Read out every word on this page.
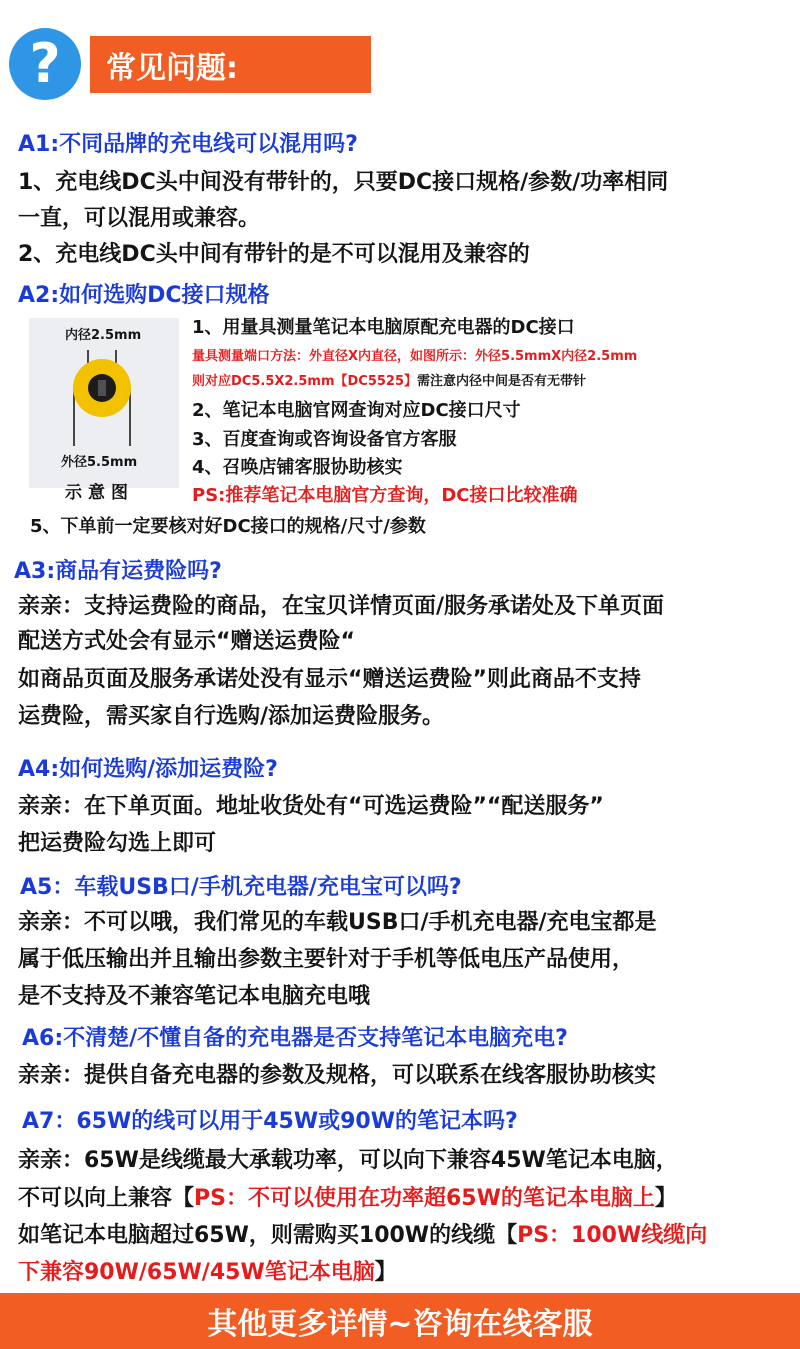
?	常见问题:
A1:不同品牌的充电线可以混用吗?
1、充电线DC头中间没有带针的，只要DC接口规格/参数/功率相同
一直，可以混用或兼容。
2、充电线DC头中间有带针的是不可以混用及兼容的
A2:如何选购DC接口规格
内径2.5mm
外径5.5mm
示意图
1、用量具测量笔记本电脑原配充电器的DC接口
量具测量端口方法：外直径X内直径，如图所示：外径5.5mmX内径2.5mm
则对应DC5.5X2.5mm【DC5525】需注意内径中间是否有无带针
2、笔记本电脑官网查询对应DC接口尺寸
3、百度查询或咨询设备官方客服
4、召唤店铺客服协助核实
PS:推荐笔记本电脑官方查询，DC接口比较准确
5、下单前一定要核对好DC接口的规格/尺寸/参数
A3:商品有运费险吗?
亲亲：支持运费险的商品，在宝贝详情页面/服务承诺处及下单页面
配送方式处会有显示“赠送运费险“
如商品页面及服务承诺处没有显示“赠送运费险”则此商品不支持
运费险，需买家自行选购/添加运费险服务。
A4:如何选购/添加运费险?
亲亲：在下单页面。地址收货处有“可选运费险”“配送服务”
把运费险勾选上即可
A5：车载USB口/手机充电器/充电宝可以吗?
亲亲：不可以哦，我们常见的车载USB口/手机充电器/充电宝都是
属于低压输出并且输出参数主要针对于手机等低电压产品使用，
是不支持及不兼容笔记本电脑充电哦
A6:不清楚/不懂自备的充电器是否支持笔记本电脑充电?
亲亲：提供自备充电器的参数及规格，可以联系在线客服协助核实
A7：65W的线可以用于45W或90W的笔记本吗?
亲亲：65W是线缆最大承载功率，可以向下兼容45W笔记本电脑，
不可以向上兼容【PS：不可以使用在功率超65W的笔记本电脑上】
如笔记本电脑超过65W，则需购买100W的线缆【PS：100W线缆向
下兼容90W/65W/45W笔记本电脑】
其他更多详情~咨询在线客服
